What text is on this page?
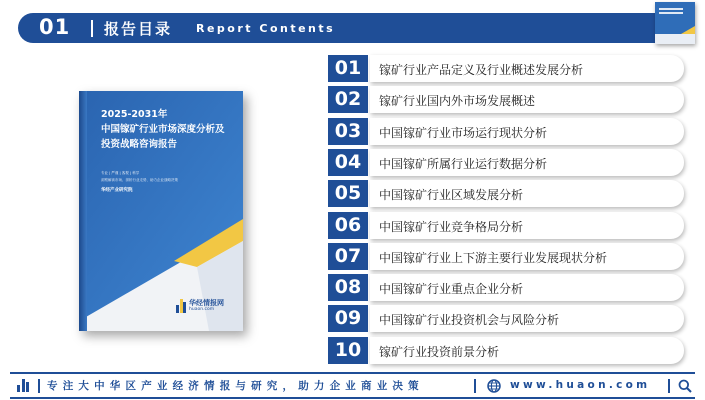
01 报告目录 Report Contents
2025-2031年
中国镓矿行业市场深度分析及
投资战略咨询报告
专业 | 严谨 | 客观 | 科学
洞察解读市场、剖析行业走势、助力企业战略决策
华经产业研究院
华经情报网
huaon.com
01	镓矿行业产品定义及行业概述发展分析
02	镓矿行业国内外市场发展概述
03	中国镓矿行业市场运行现状分析
04	中国镓矿所属行业运行数据分析
05	中国镓矿行业区域发展分析
06	中国镓矿行业竞争格局分析
07	中国镓矿行业上下游主要行业发展现状分析
08	中国镓矿行业重点企业分析
09	中国镓矿行业投资机会与风险分析
10	镓矿行业投资前景分析
专注大中华区产业经济情报与研究，助力企业商业决策	www.huaon.com
